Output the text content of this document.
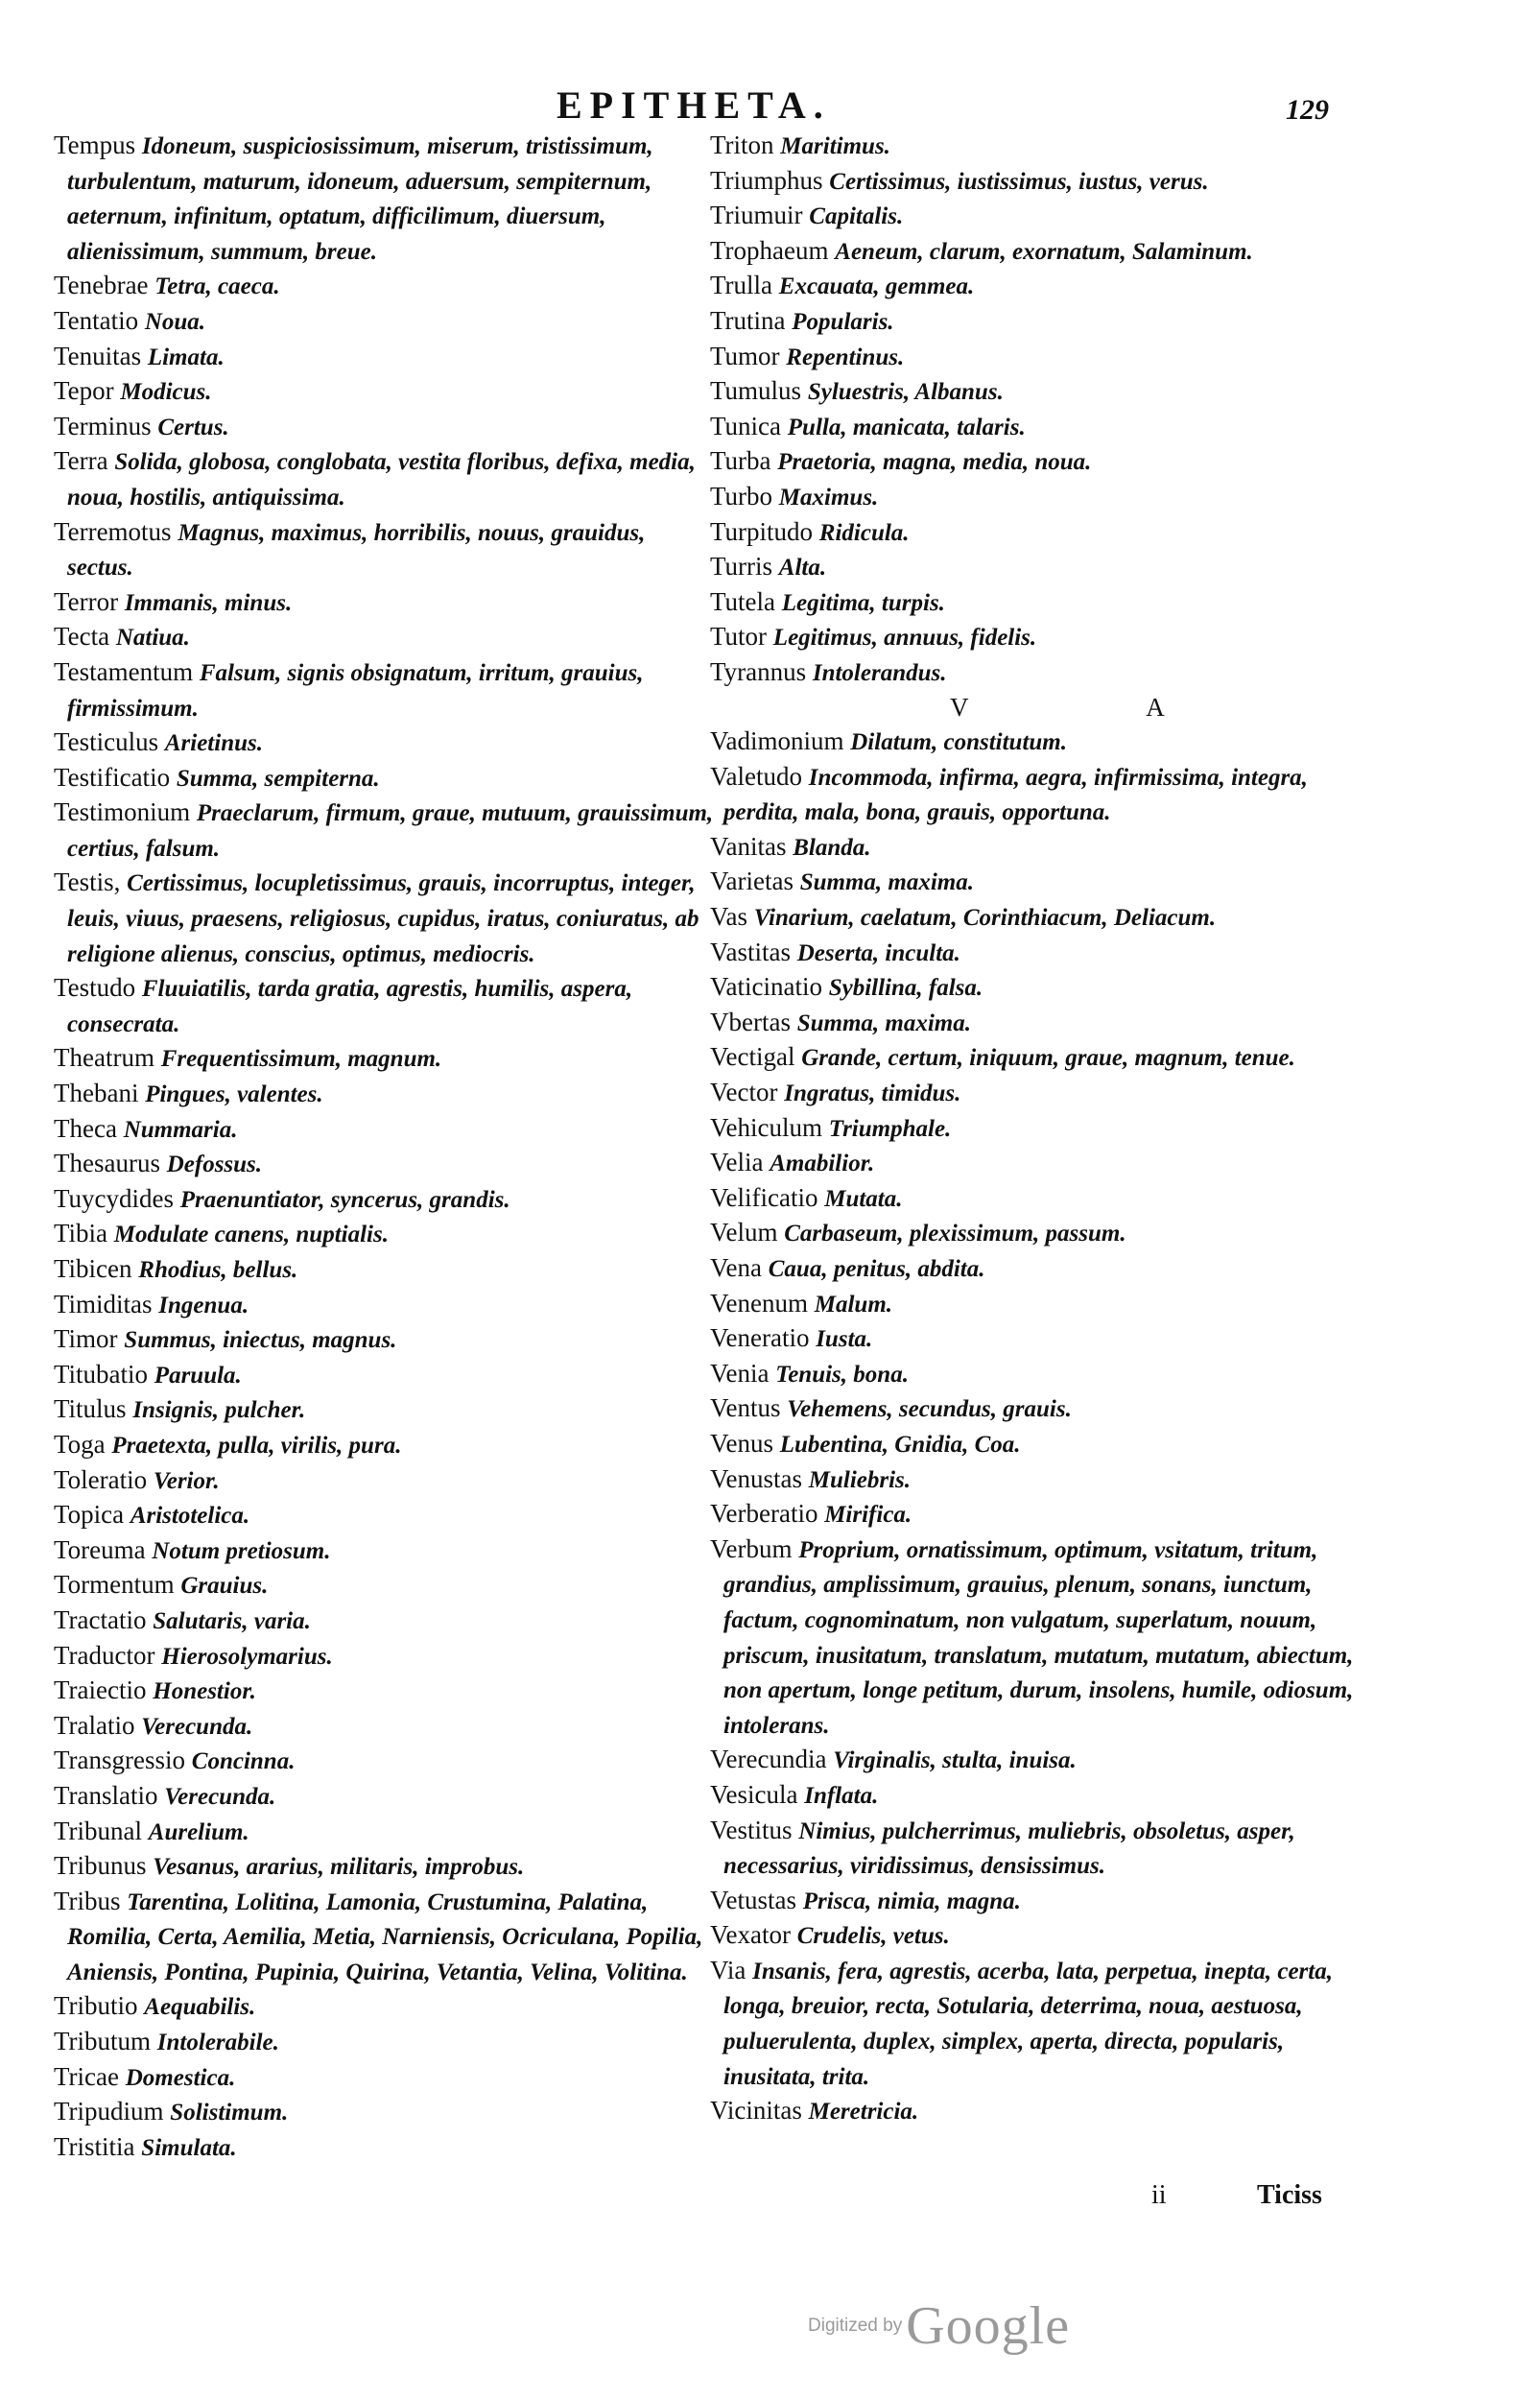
EPITHETA.	129

Tempus Idoneum, suspiciosissimum, miserum, tristissimum, turbulentum, maturum, idoneum, aduersum, sempiternum, aeternum, infinitum, optatum, difficilimum, diuersum, alienissimum, summum, breue.

Tenebrae Tetra, caeca.

Tentatio Noua.

Tenuitas Limata.

Tepor Modicus.

Terminus Certus.

Terra Solida, globosa, conglobata, vestita floribus, defixa, media, noua, hostilis, antiquissima.

Terremotus Magnus, maximus, horribilis, nouus, grauidus, sectus.

Terror Immanis, minus.

Tecta Natiua.

Testamentum Falsum, signis obsignatum, irritum, grauius, firmissimum.

Testiculus Arietinus.

Testificatio Summa, sempiterna.

Testimonium Praeclarum, firmum, graue, mutuum, grauissimum, certius, falsum.

Testis, Certissimus, locupletissimus, grauis, incorruptus, integer, leuis, viuus, praesens, religiosus, cupidus, iratus, coniuratus, ab religione alienus, conscius, optimus, mediocris.

Testudo Fluuiatilis, tarda gratia, agrestis, humilis, aspera, consecrata.

Theatrum Frequentissimum, magnum.

Thebani Pingues, valentes.

Theca Nummaria.

Thesaurus Defossus.

Tuycydides Praenuntiator, syncerus, grandis.

Tibia Modulate canens, nuptialis.

Tibicen Rhodius, bellus.

Timiditas Ingenua.

Timor Summus, iniectus, magnus.

Titubatio Paruula.

Titulus Insignis, pulcher.

Toga Praetexta, pulla, virilis, pura.

Toleratio Verior.

Topica Aristotelica.

Toreuma Notum pretiosum.

Tormentum Grauius.

Tractatio Salutaris, varia.

Traductor Hierosolymarius.

Traiectio Honestior.

Tralatio Verecunda.

Transgressio Concinna.

Translatio Verecunda.

Tribunal Aurelium.

Tribunus Vesanus, ararius, militaris, improbus.

Tribus Tarentina, Lolitina, Lamonia, Crustumina, Palatina, Romilia, Certa, Aemilia, Metia, Narniensis, Ocriculana, Popilia, Aniensis, Pontina, Pupinia, Quirina, Vetantia, Velina, Volitina.

Tributio Aequabilis.

Tributum Intolerabile.

Tricae Domestica.

Tripudium Solistimum.

Tristitia Simulata.

Triton Maritimus.

Triumphus Certissimus, iustissimus, iustus, verus.

Triumuir Capitalis.

Trophaeum Aeneum, clarum, exornatum, Salaminum.

Trulla Excauata, gemmea.

Trutina Popularis.

Tumor Repentinus.

Tumulus Syluestris, Albanus.

Tunica Pulla, manicata, talaris.

Turba Praetoria, magna, media, noua.

Turbo Maximus.

Turpitudo Ridicula.

Turris Alta.

Tutela Legitima, turpis.

Tutor Legitimus, annuus, fidelis.

Tyrannus Intolerandus.

V A

Vadimonium Dilatum, constitutum.

Valetudo Incommoda, infirma, aegra, infirmissima, integra, perdita, mala, bona, grauis, opportuna.

Vanitas Blanda.

Varietas Summa, maxima.

Vas Vinarium, caelatum, Corinthiacum, Deliacum.

Vastitas Deserta, inculta.

Vaticinatio Sybillina, falsa.

Vbertas Summa, maxima.

Vectigal Grande, certum, iniquum, graue, magnum, tenue.

Vector Ingratus, timidus.

Vehiculum Triumphale.

Velia Amabilior.

Velificatio Mutata.

Velum Carbaseum, plexissimum, passum.

Vena Caua, penitus, abdita.

Venenum Malum.

Veneratio Iusta.

Venia Tenuis, bona.

Ventus Vehemens, secundus, grauis.

Venus Lubentina, Gnidia, Coa.

Venustas Muliebris.

Verberatio Mirifica.

Verbum Proprium, ornatissimum, optimum, vsitatum, tritum, grandius, amplissimum, grauius, plenum, sonans, iunctum, factum, cognominatum, non vulgatum, superlatum, nouum, priscum, inusitatum, translatum, mutatum, mutatum, abiectum, non apertum, longe petitum, durum, insolens, humile, odiosum, intolerans.

Verecundia Virginalis, stulta, inuisa.

Vesicula Inflata.

Vestitus Nimius, pulcherrimus, muliebris, obsoletus, asper, necessarius, viridissimus, densissimus.

Vetustas Prisca, nimia, magna.

Vexator Crudelis, vetus.

Via Insanis, fera, agrestis, acerba, lata, perpetua, inepta, certa, longa, breuior, recta, Sotularia, deterrima, noua, aestuosa, puluerulenta, duplex, simplex, aperta, directa, popularis, inusitata, trita.

Vicinitas Meretricia.

ii	Ticiss
Digitized by Google
